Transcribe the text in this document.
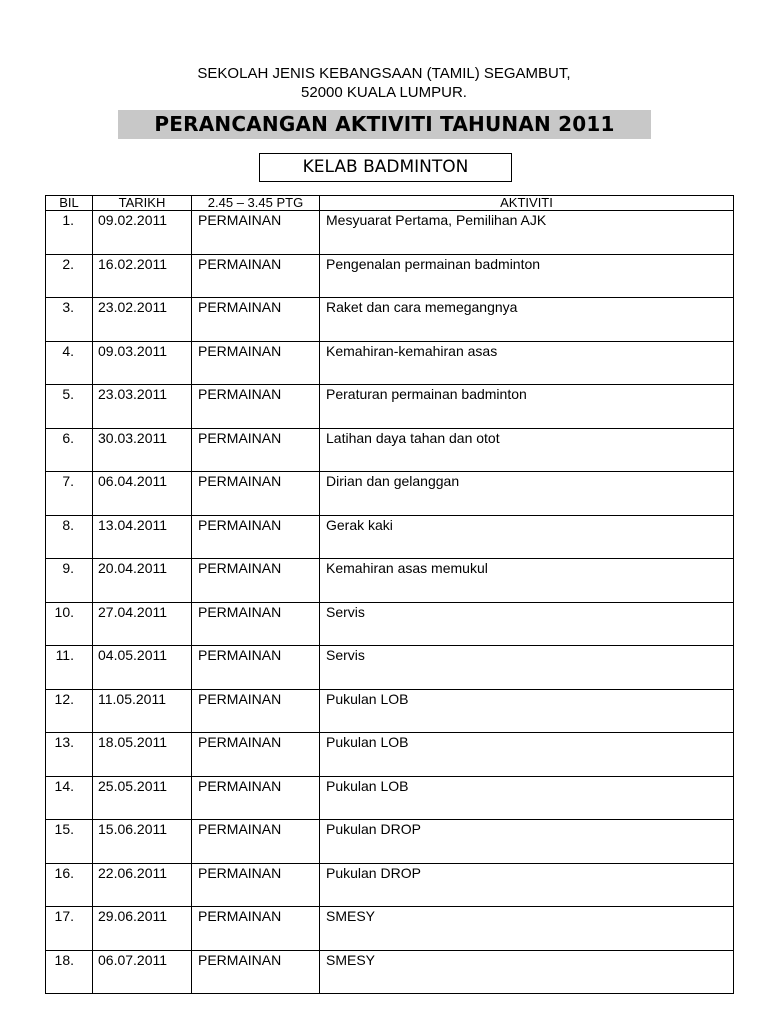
SEKOLAH JENIS KEBANGSAAN (TAMIL) SEGAMBUT,
52000 KUALA LUMPUR.
PERANCANGAN AKTIVITI TAHUNAN 2011
KELAB BADMINTON
BIL	TARIKH	2.45 – 3.45 PTG	AKTIVITI
1.	09.02.2011	PERMAINAN	Mesyuarat Pertama, Pemilihan AJK
2.	16.02.2011	PERMAINAN	Pengenalan permainan badminton
3.	23.02.2011	PERMAINAN	Raket dan cara memegangnya
4.	09.03.2011	PERMAINAN	Kemahiran-kemahiran asas
5.	23.03.2011	PERMAINAN	Peraturan permainan badminton
6.	30.03.2011	PERMAINAN	Latihan daya tahan dan otot
7.	06.04.2011	PERMAINAN	Dirian dan gelanggan
8.	13.04.2011	PERMAINAN	Gerak kaki
9.	20.04.2011	PERMAINAN	Kemahiran asas memukul
10.	27.04.2011	PERMAINAN	Servis
11.	04.05.2011	PERMAINAN	Servis
12.	11.05.2011	PERMAINAN	Pukulan LOB
13.	18.05.2011	PERMAINAN	Pukulan LOB
14.	25.05.2011	PERMAINAN	Pukulan LOB
15.	15.06.2011	PERMAINAN	Pukulan DROP
16.	22.06.2011	PERMAINAN	Pukulan DROP
17.	29.06.2011	PERMAINAN	SMESY
18.	06.07.2011	PERMAINAN	SMESY
